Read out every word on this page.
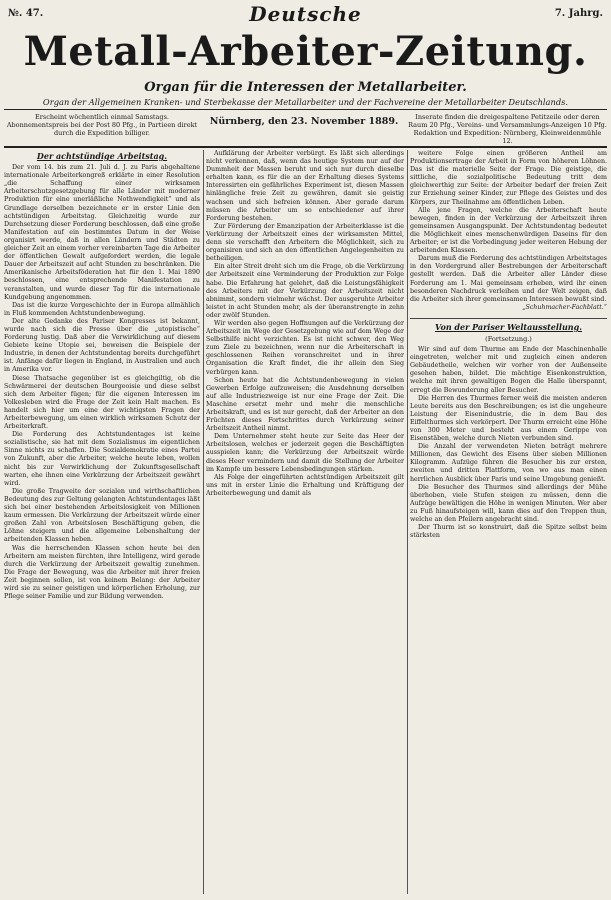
№. 47.	7. Jahrg.
Deutsche
Metall-Arbeiter-Zeitung.
Organ für die Interessen der Metallarbeiter.
Organ der Allgemeinen Kranken- und Sterbekasse der Metallarbeiter und der Fachvereine der Metallarbeiter Deutschlands.
Erscheint wöchentlich einmal Samstags. Abonnementspreis bei der Post 80 Pfg., in Partieen direkt durch die Expedition billiger.
Nürnberg, den 23. November 1889.	Inserate finden die dreigespaltene Petitzeile oder deren Raum 20 Pfg., Vereins- und Versammlungs-Anzeigen 10 Pfg. Redaktion und Expedition: Nürnberg, Kleinweidenmühle 12.
Der achtstündige Arbeitstag.

Der vom 14. bis zum 21. Juli d. J. zu Paris abgehaltene internationale Arbeiterkongreß erklärte in einer Resolution „die Schaffung einer wirksamen Arbeiterschutzgesetzgebung für alle Länder mit moderner Produktion für eine unerläßliche Nothwendigkeit“ und als Grundlage derselben bezeichnete er in erster Linie den achtstündigen Arbeitstag. Gleichzeitig wurde zur Durchsetzung dieser Forderung beschlossen, daß eine große Manifestation auf ein bestimmtes Datum in der Weise organisirt werde, daß in allen Ländern und Städten zu gleicher Zeit an einem vorher vereinbarten Tage die Arbeiter der öffentlichen Gewalt aufgefordert werden, die legale Dauer der Arbeitszeit auf acht Stunden zu beschränken. Die Amerikanische Arbeitsföderation hat für den 1. Mai 1890 beschlossen, eine entsprechende Manifestation zu veranstalten, und wurde dieser Tag für die internationale Kundgebung angenommen.

Das ist die kurze Vorgeschichte der in Europa allmählich in Fluß kommenden Achtstundenbewegung.

Der alte Gedanke des Pariser Kongresses ist bekannt, wurde nach sich die Presse über die „utopistische“ Forderung lustig. Daß aber die Verwirklichung auf diesem Gebiete keine Utopie sei, beweisen die Beispiele der Industrie, in denen der Achtstundentag bereits durchgeführt ist. Anfänge dafür liegen in England, in Australien und auch in Amerika vor.

Diese Thatsache gegenüber ist es gleichgiltig, ob die Schwärmerei der deutschen Bourgeoisie und diese selbst sich dem Arbeiter fügen; für die eigenen Interessen im Volkesleben wird die Frage der Zeit kein Halt machen. Es handelt sich hier um eine der wichtigsten Fragen der Arbeiterbewegung, um einen wirklich wirksamen Schutz der Arbeiterkraft.

Die Forderung des Achtstundentages ist keine sozialistische, sie hat mit dem Sozialismus im eigentlichen Sinne nichts zu schaffen. Die Sozialdemokratie eines Partei von Zukunft, aber die Arbeiter, welche heute leben, wollen nicht bis zur Verwirklichung der Zukunftsgesellschaft warten, ehe ihnen eine Verkürzung der Arbeitszeit gewährt wird.

Die große Tragweite der sozialen und wirthschaftlichen Bedeutung des zur Geltung gelangten Achtstundentages läßt sich bei einer bestehenden Arbeitslosigkeit von Millionen kaum ermessen. Die Verkürzung der Arbeitszeit würde einer großen Zahl von Arbeitslosen Beschäftigung geben, die Löhne steigern und die allgemeine Lebenshaltung der arbeitenden Klassen heben.

Was die herrschenden Klassen schon heute bei den Arbeitern am meisten fürchten, ihre Intelligenz, wird gerade durch die Verkürzung der Arbeitszeit gewaltig zunehmen. Die Frage der Bewegung, was die Arbeiter mit ihrer freien Zeit beginnen sollen, ist von keinem Belang: der Arbeiter wird sie zu seiner geistigen und körperlichen Erholung, zur Pflege seiner Familie und zur Bildung verwenden.

Aufklärung der Arbeiter verbürgt. Es läßt sich allerdings nicht verkennen, daß, wenn das heutige System nur auf der Dummheit der Massen beruht und sich nur durch dieselbe erhalten kann, es für die an der Erhaltung dieses Systems Interessirten ein gefährliches Experiment ist, diesen Massen hinlängliche freie Zeit zu gewähren, damit sie geistig wachsen und sich befreien können. Aber gerade darum müssen die Arbeiter um so entschiedener auf ihrer Forderung bestehen.

Zur Förderung der Emanzipation der Arbeiterklasse ist die Verkürzung der Arbeitszeit eines der wirksamsten Mittel, denn sie verschafft den Arbeitern die Möglichkeit, sich zu organisiren und sich an den öffentlichen Angelegenheiten zu betheiligen.

Ein alter Streit dreht sich um die Frage, ob die Verkürzung der Arbeitszeit eine Verminderung der Produktion zur Folge habe. Die Erfahrung hat gelehrt, daß die Leistungsfähigkeit des Arbeiters mit der Verkürzung der Arbeitszeit nicht abnimmt, sondern vielmehr wächst. Der ausgeruhte Arbeiter leistet in acht Stunden mehr, als der überanstrengte in zehn oder zwölf Stunden.

Wir werden also gegen Hoffnungen auf die Verkürzung der Arbeitszeit im Wege der Gesetzgebung wie auf dem Wege der Selbsthilfe nicht verzichten. Es ist nicht schwer, den Weg zum Ziele zu bezeichnen, wenn nur die Arbeiterschaft in geschlossenen Reihen voranschreitet und in ihrer Organisation die Kraft findet, die ihr allein den Sieg verbürgen kann.

Schon heute hat die Achtstundenbewegung in vielen Gewerben Erfolge aufzuweisen; die Ausdehnung derselben auf alle Industriezweige ist nur eine Frage der Zeit. Die Maschine ersetzt mehr und mehr die menschliche Arbeitskraft, und es ist nur gerecht, daß der Arbeiter an den Früchten dieses Fortschrittes durch Verkürzung seiner Arbeitszeit Antheil nimmt.

Dem Unternehmer steht heute zur Seite das Heer der Arbeitslosen, welches er jederzeit gegen die Beschäftigten ausspielen kann; die Verkürzung der Arbeitszeit würde dieses Heer vermindern und damit die Stellung der Arbeiter im Kampfe um bessere Lebensbedingungen stärken.

Als Folge der eingeführten achtstündigen Arbeitszeit gilt uns mit in erster Linie die Erhaltung und Kräftigung der Arbeiterbewegung und damit als

weitere Folge einen größeren Antheil am Produktionsertrage der Arbeit in Form von höheren Löhnen. Das ist die materielle Seite der Frage. Die geistige, die sittliche, die sozialpolitische Bedeutung tritt dem gleichwerthig zur Seite: der Arbeiter bedarf der freien Zeit zur Erziehung seiner Kinder, zur Pflege des Geistes und des Körpers, zur Theilnahme am öffentlichen Leben.

Alle jene Fragen, welche die Arbeiterschaft heute bewegen, finden in der Verkürzung der Arbeitszeit ihren gemeinsamen Ausgangspunkt. Der Achtstundentag bedeutet die Möglichkeit eines menschenwürdigen Daseins für den Arbeiter; er ist die Vorbedingung jeder weiteren Hebung der arbeitenden Klassen.

Darum muß die Forderung des achtstündigen Arbeitstages in den Vordergrund aller Bestrebungen der Arbeiterschaft gestellt werden. Daß die Arbeiter aller Länder diese Forderung am 1. Mai gemeinsam erheben, wird ihr einen besonderen Nachdruck verleihen und der Welt zeigen, daß die Arbeiter sich ihrer gemeinsamen Interessen bewußt sind.

„Schuhmacher-Fachblatt.“
Von der Pariser Weltausstellung.
(Fortsetzung.)

Wir sind auf dem Thurme am Ende der Maschinenhalle eingetreten, welcher mit und zugleich einen anderen Gebäudetheile, welchen wir vorher von der Außenseite gesehen haben, bildet. Die mächtige Eisenkonstruktion, welche mit ihren gewaltigen Bogen die Halle überspannt, erregt die Bewunderung aller Besucher.

Die Herren des Thurmes ferner weiß die meisten anderen Leute bereits aus den Beschreibungen; es ist die ungeheure Leistung der Eisenindustrie, die in dem Bau des Eiffelthurmes sich verkörpert. Der Thurm erreicht eine Höhe von 300 Meter und besteht aus einem Gerippe von Eisenstäben, welche durch Nieten verbunden sind.

Die Anzahl der verwendeten Nieten beträgt mehrere Millionen, das Gewicht des Eisens über sieben Millionen Kilogramm. Aufzüge führen die Besucher bis zur ersten, zweiten und dritten Plattform, von wo aus man einen herrlichen Ausblick über Paris und seine Umgebung genießt.

Die Besucher des Thurmes sind allerdings der Mühe überhoben, viele Stufen steigen zu müssen, denn die Aufzüge bewältigen die Höhe in wenigen Minuten. Wer aber zu Fuß hinaufsteigen will, kann dies auf den Treppen thun, welche an den Pfeilern angebracht sind.

Der Thurm ist so konstruirt, daß die Spitze selbst beim stärksten
